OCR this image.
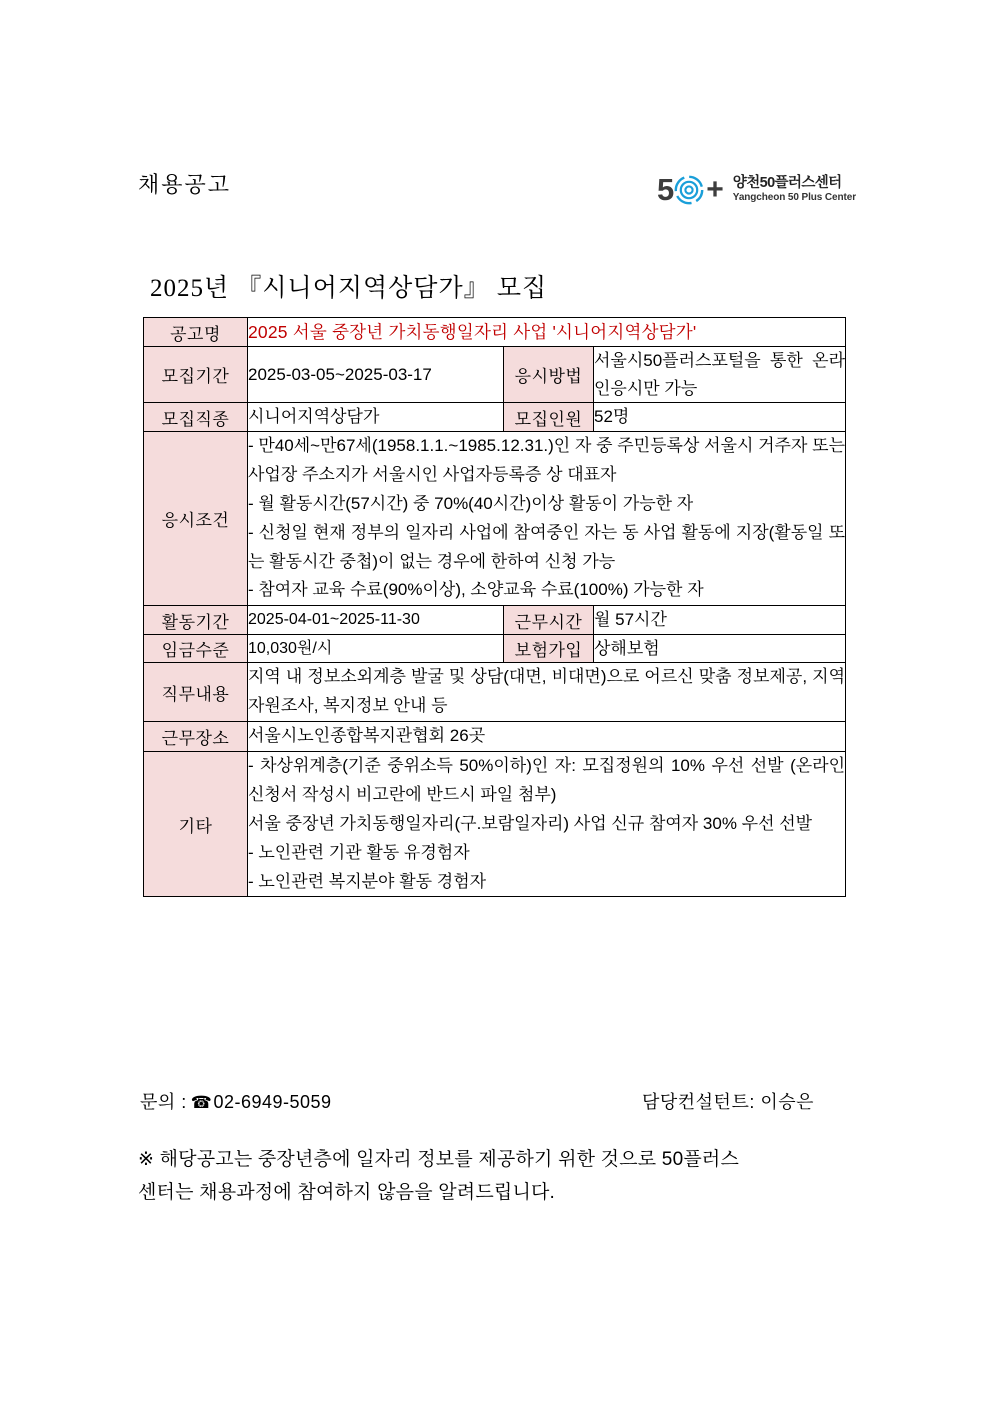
채용공고	5 + 양천50플러스센터
Yangcheon 50 Plus Center
2025년 『시니어지역상담가』 모집
공고명	2025 서울 중장년 가치동행일자리 사업 '시니어지역상담가'		
모집기간	2025-03-05~2025-03-17	응시방법	서울시50플러스포털을 통한 온라인응시만 가능
모집직종	시니어지역상담가	모집인원	52명
응시조건	- 만40세~만67세(1958.1.1.~1985.12.31.)인 자 중 주민등록상 서울시 거주자 또는 사업장 주소지가 서울시인 사업자등록증 상 대표자
- 월 활동시간(57시간) 중 70%(40시간)이상 활동이 가능한 자
- 신청일 현재 정부의 일자리 사업에 참여중인 자는 동 사업 활동에 지장(활동일 또는 활동시간 중첩)이 없는 경우에 한하여 신청 가능
- 참여자 교육 수료(90%이상), 소양교육 수료(100%) 가능한 자		

활동기간	2025-04-01~2025-11-30	근무시간	월 57시간
임금수준	10,030원/시	보험가입	상해보험
직무내용	지역 내 정보소외계층 발굴 및 상담(대면, 비대면)으로 어르신 맞춤 정보제공, 지역자원조사, 복지정보 안내 등		

근무장소	서울시노인종합복지관협회 26곳		
기타	- 차상위계층(기준 중위소득 50%이하)인 자: 모집정원의 10% 우선 선발 (온라인 신청서 작성시 비고란에 반드시 파일 첨부)
서울 중장년 가치동행일자리(구.보람일자리) 사업 신규 참여자 30% 우선 선발
- 노인관련 기관 활동 유경험자
- 노인관련 복지분야 활동 경험자		
문의 : ☎02-6949-5059	담당컨설턴트: 이승은
※ 해당공고는 중장년층에 일자리 정보를 제공하기 위한 것으로 50플러스
센터는 채용과정에 참여하지 않음을 알려드립니다.
